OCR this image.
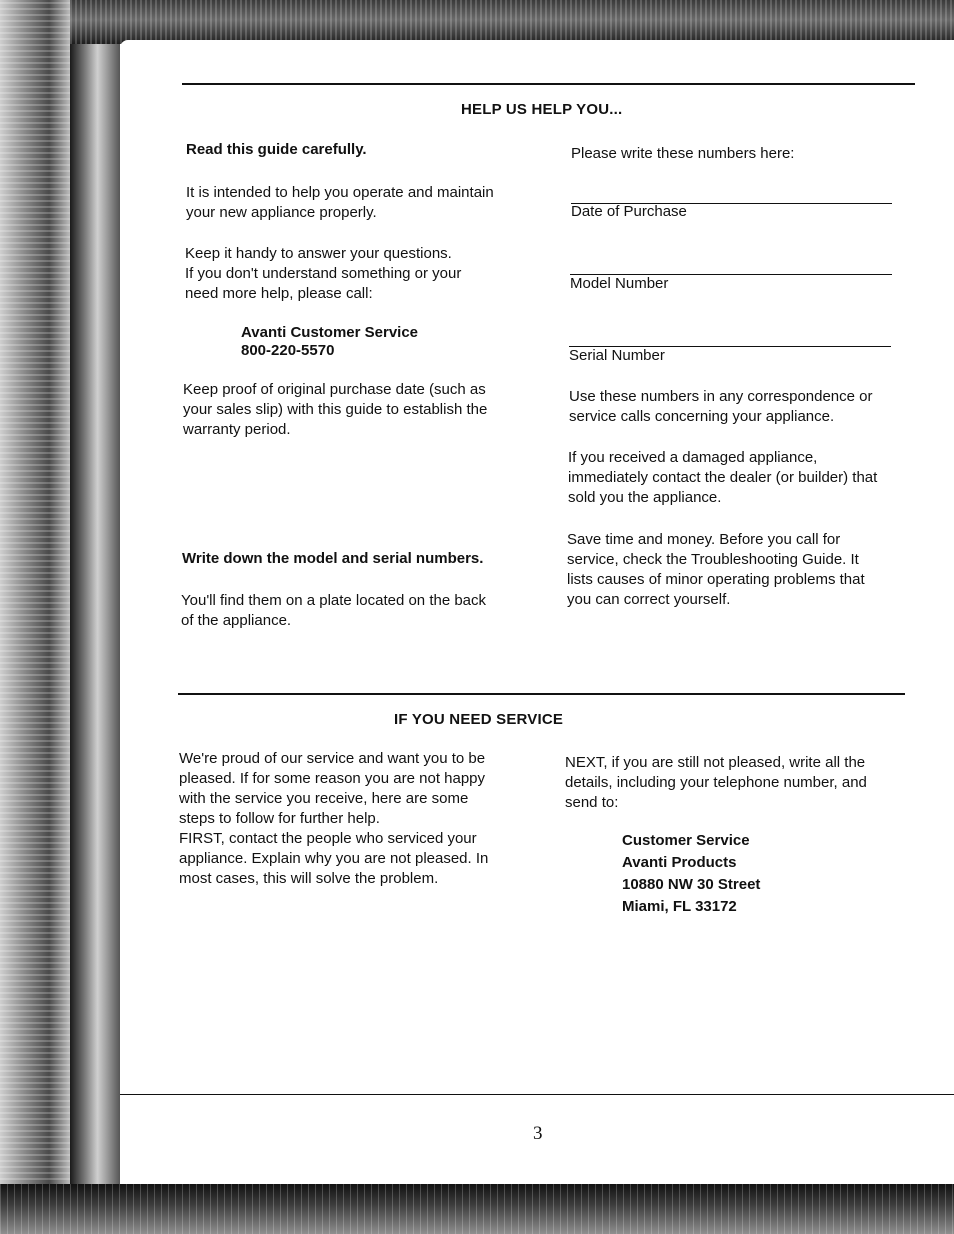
HELP US HELP YOU...
Read this guide carefully.
It is intended to help you operate and maintain
your new appliance properly.
Keep it handy to answer your questions.
If you don't understand something or your
need more help, please call:
Avanti Customer Service
800-220-5570
Keep proof of original purchase date (such as
your sales slip) with this guide to establish the
warranty period.
Write down the model and serial numbers.
You'll find them on a plate located on the back
of the appliance.
Please write these numbers here:
Date of Purchase
Model Number
Serial Number
Use these numbers in any correspondence or
service calls concerning your appliance.
If you received a damaged appliance,
immediately contact the dealer (or builder) that
sold you the appliance.
Save time and money. Before you call for
service, check the Troubleshooting Guide. It
lists causes of minor operating problems that
you can correct yourself.
IF YOU NEED SERVICE
We're proud of our service and want you to be
pleased. If for some reason you are not happy
with the service you receive, here are some
steps to follow for further help.
FIRST, contact the people who serviced your
appliance. Explain why you are not pleased. In
most cases, this will solve the problem.
NEXT, if you are still not pleased, write all the
details, including your telephone number, and
send to:
Customer Service
Avanti Products
10880 NW 30 Street
Miami, FL 33172
3
